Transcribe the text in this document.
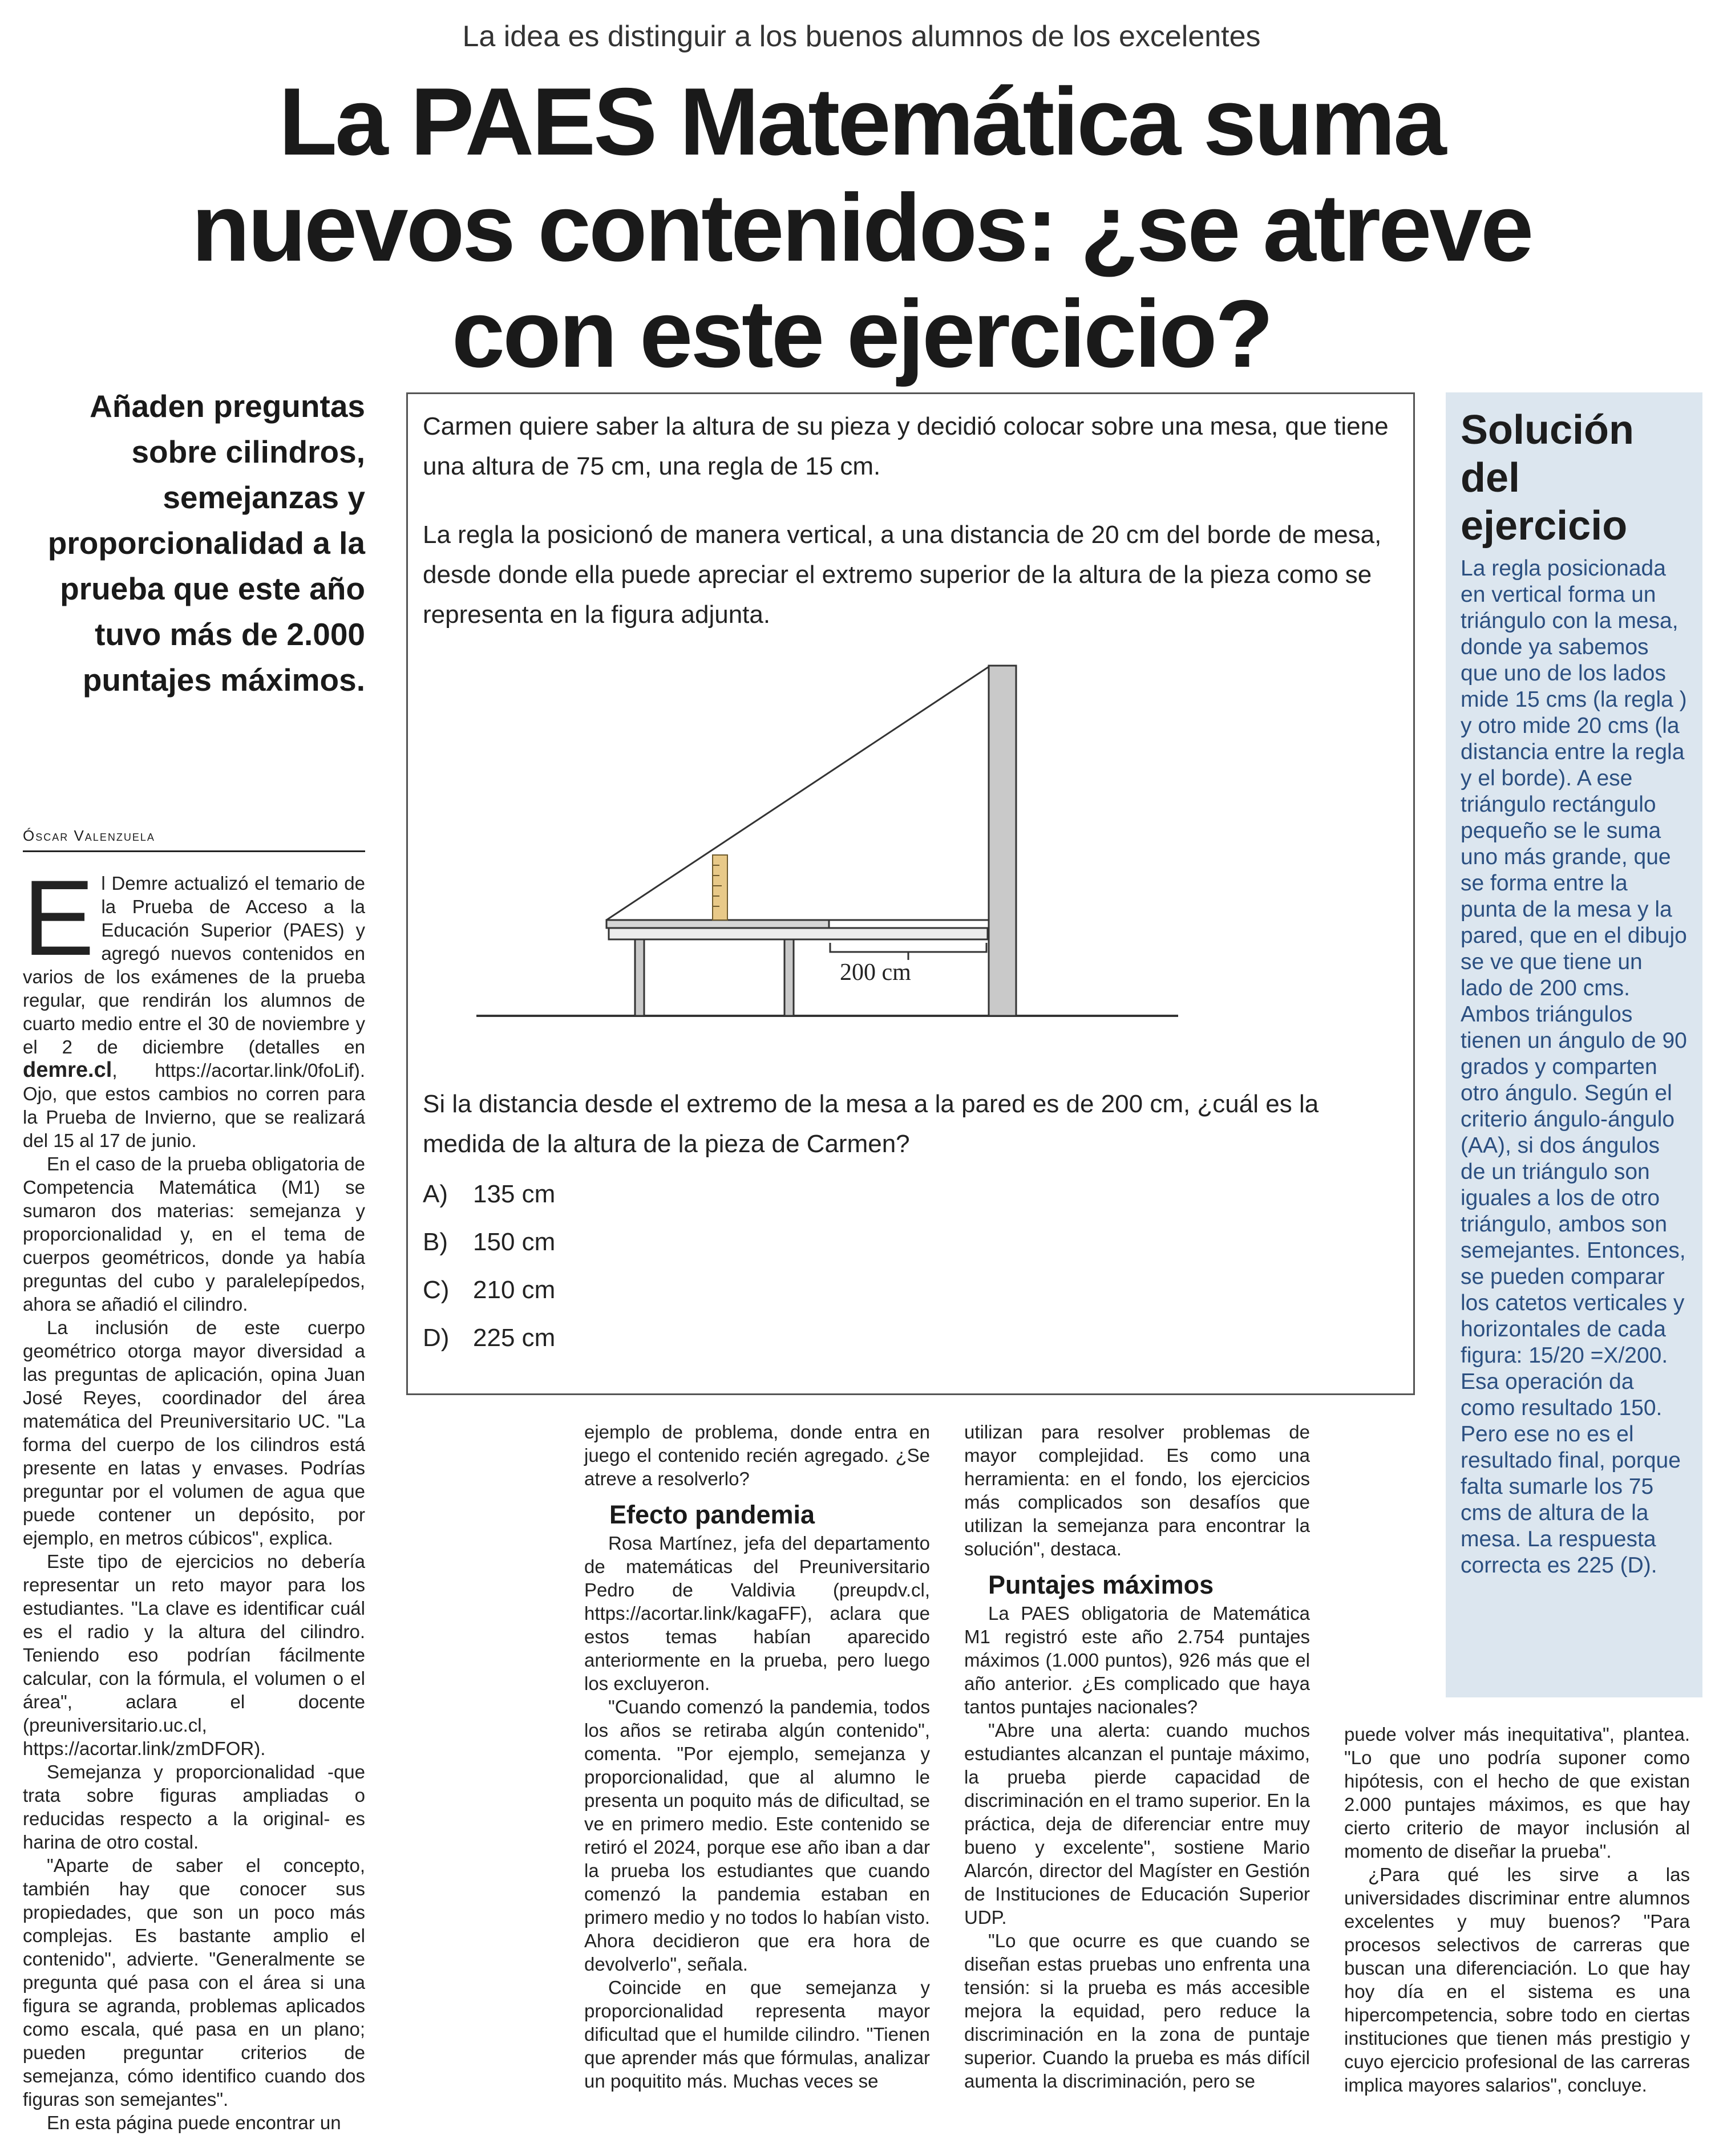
La idea es distinguir a los buenos alumnos de los excelentes
La PAES Matemática suma
nuevos contenidos: ¿se atreve
con este ejercicio?
Añaden preguntas sobre cilindros, semejanzas y proporcionalidad a la prueba que este año tuvo más de 2.000 puntajes máximos.
Óscar Valenzuela
Carmen quiere saber la altura de su pieza y decidió colocar sobre una mesa, que tiene una altura de 75 cm, una regla de 15 cm.
La regla la posicionó de manera vertical, a una distancia de 20 cm del borde de mesa, desde donde ella puede apreciar el extremo superior de la altura de la pieza como se representa en la figura adjunta.
200 cm
Si la distancia desde el extremo de la mesa a la pared es de 200 cm, ¿cuál es la medida de la altura de la pieza de Carmen?
A) 135 cm
B) 150 cm
C) 210 cm
D) 225 cm
Solución
del ejercicio
La regla posicionada en vertical forma un triángulo con la mesa, donde ya sabemos que uno de los lados mide 15 cms (la regla ) y otro mide 20 cms (la distancia entre la regla y el borde). A ese triángulo rectángulo pequeño se le suma uno más grande, que se forma entre la punta de la mesa y la pared, que en el dibujo se ve que tiene un lado de 200 cms. Ambos triángulos tienen un ángulo de 90 grados y comparten otro ángulo. Según el criterio ángulo-ángulo (AA), si dos ángulos de un triángulo son iguales a los de otro triángulo, ambos son semejantes. Entonces, se pueden comparar los catetos verticales y horizontales de cada figura: 15/20 =X/200. Esa operación da como resultado 150. Pero ese no es el resultado final, porque falta sumarle los 75 cms de altura de la mesa. La respuesta correcta es 225 (D).

El Demre actualizó el temario de la Prueba de Acceso a la Educación Superior (PAES) y agregó nuevos contenidos en varios de los exámenes de la prueba regular, que rendirán los alumnos de cuarto medio entre el 30 de noviembre y el 2 de diciembre (detalles en demre.cl, https://acortar.link/0foLif). Ojo, que estos cambios no corren para la Prueba de Invierno, que se realizará del 15 al 17 de junio.

En el caso de la prueba obligatoria de Competencia Matemática (M1) se sumaron dos materias: semejanza y proporcionalidad y, en el tema de cuerpos geométricos, donde ya había preguntas del cubo y paralelepípedos, ahora se añadió el cilindro.

La inclusión de este cuerpo geométrico otorga mayor diversidad a las preguntas de aplicación, opina Juan José Reyes, coordinador del área matemática del Preuniversitario UC. "La forma del cuerpo de los cilindros está presente en latas y envases. Podrías preguntar por el volumen de agua que puede contener un depósito, por ejemplo, en metros cúbicos", explica.

Este tipo de ejercicios no debería representar un reto mayor para los estudiantes. "La clave es identificar cuál es el radio y la altura del cilindro. Teniendo eso podrían fácilmente calcular, con la fórmula, el volumen o el área", aclara el docente (preuniversitario.uc.cl, https://acortar.link/zmDFOR).

Semejanza y proporcionalidad -que trata sobre figuras ampliadas o reducidas respecto a la original- es harina de otro costal.

"Aparte de saber el concepto, también hay que conocer sus propiedades, que son un poco más complejas. Es bastante amplio el contenido", advierte. "Generalmente se pregunta qué pasa con el área si una figura se agranda, problemas aplicados como escala, qué pasa en un plano; pueden preguntar criterios de semejanza, cómo identifico cuando dos figuras son semejantes".

En esta página puede encontrar un

ejemplo de problema, donde entra en juego el contenido recién agregado. ¿Se atreve a resolverlo?

Efecto pandemia

Rosa Martínez, jefa del departamento de matemáticas del Preuniversitario Pedro de Valdivia (preupdv.cl, https://acortar.link/kagaFF), aclara que estos temas habían aparecido anteriormente en la prueba, pero luego los excluyeron.

"Cuando comenzó la pandemia, todos los años se retiraba algún contenido", comenta. "Por ejemplo, semejanza y proporcionalidad, que al alumno le presenta un poquito más de dificultad, se ve en primero medio. Este contenido se retiró el 2024, porque ese año iban a dar la prueba los estudiantes que cuando comenzó la pandemia estaban en primero medio y no todos lo habían visto. Ahora decidieron que era hora de devolverlo", señala.

Coincide en que semejanza y proporcionalidad representa mayor dificultad que el humilde cilindro. "Tienen que aprender más que fórmulas, analizar un poquitito más. Muchas veces se

utilizan para resolver problemas de mayor complejidad. Es como una herramienta: en el fondo, los ejercicios más complicados son desafíos que utilizan la semejanza para encontrar la solución", destaca.

Puntajes máximos

La PAES obligatoria de Matemática M1 registró este año 2.754 puntajes máximos (1.000 puntos), 926 más que el año anterior. ¿Es complicado que haya tantos puntajes nacionales?

"Abre una alerta: cuando muchos estudiantes alcanzan el puntaje máximo, la prueba pierde capacidad de discriminación en el tramo superior. En la práctica, deja de diferenciar entre muy bueno y excelente", sostiene Mario Alarcón, director del Magíster en Gestión de Instituciones de Educación Superior UDP.

"Lo que ocurre es que cuando se diseñan estas pruebas uno enfrenta una tensión: si la prueba es más accesible mejora la equidad, pero reduce la discriminación en la zona de puntaje superior. Cuando la prueba es más difícil aumenta la discriminación, pero se

puede volver más inequitativa", plantea. "Lo que uno podría suponer como hipótesis, con el hecho de que existan 2.000 puntajes máximos, es que hay cierto criterio de mayor inclusión al momento de diseñar la prueba".

¿Para qué les sirve a las universidades discriminar entre alumnos excelentes y muy buenos? "Para procesos selectivos de carreras que buscan una diferenciación. Lo que hay hoy día en el sistema es una hipercompetencia, sobre todo en ciertas instituciones que tienen más prestigio y cuyo ejercicio profesional de las carreras implica mayores salarios", concluye.
